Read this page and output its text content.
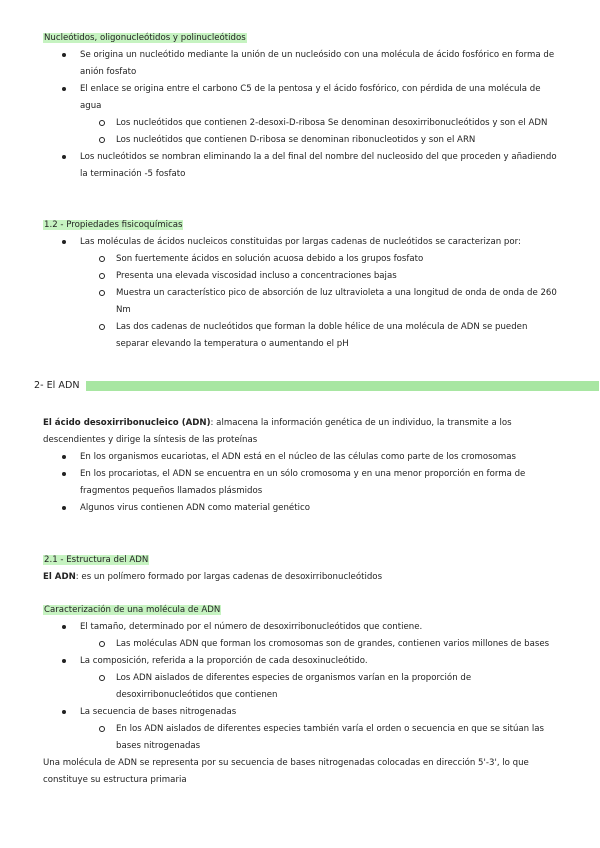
Nucleótidos, oligonucleótidos y polinucleótidos

Se origina un nucleótido mediante la unión de un nucleósido con una molécula de ácido fosfórico en forma de anión fosfato
El enlace se origina entre el carbono C5 de la pentosa y el ácido fosfórico, con pérdida de una molécula de agua
Los nucleótidos que contienen 2-desoxi-D-ribosa Se denominan desoxirribonucleótidos y son el ADN
Los nucleótidos que contienen D-ribosa se denominan ribonucleotidos y son el ARN
Los nucleótidos se nombran eliminando la a del final del nombre del nucleosido del que proceden y añadiendo la terminación -5 fosfato

1.2 - Propiedades fisicoquímicas

Las moléculas de ácidos nucleicos constituidas por largas cadenas de nucleótidos se caracterizan por:
Son fuertemente ácidos en solución acuosa debido a los grupos fosfato
Presenta una elevada viscosidad incluso a concentraciones bajas
Muestra un característico pico de absorción de luz ultravioleta a una longitud de onda de onda de 260 Nm
Las dos cadenas de nucleótidos que forman la doble hélice de una molécula de ADN se pueden separar elevando la temperatura o aumentando el pH
2- El ADN

El ácido desoxirribonucleico (ADN): almacena la información genética de un individuo, la transmite a los descendientes y dirige la síntesis de las proteínas

En los organismos eucariotas, el ADN está en el núcleo de las células como parte de los cromosomas
En los procariotas, el ADN se encuentra en un sólo cromosoma y en una menor proporción en forma de fragmentos pequeños llamados plásmidos
Algunos virus contienen ADN como material genético

2.1 - Estructura del ADN

El ADN: es un polímero formado por largas cadenas de desoxirribonucleótidos

Caracterización de una molécula de ADN

El tamaño, determinado por el número de desoxirribonucleótidos que contiene.
Las moléculas ADN que forman los cromosomas son de grandes, contienen varios millones de bases
La composición, referida a la proporción de cada desoxinucleótido.
Los ADN aislados de diferentes especies de organismos varían en la proporción de desoxirribonucleótidos que contienen
La secuencia de bases nitrogenadas
En los ADN aislados de diferentes especies también varía el orden o secuencia en que se sitúan las bases nitrogenadas

Una molécula de ADN se representa por su secuencia de bases nitrogenadas colocadas en dirección 5'-3', lo que constituye su estructura primaria
